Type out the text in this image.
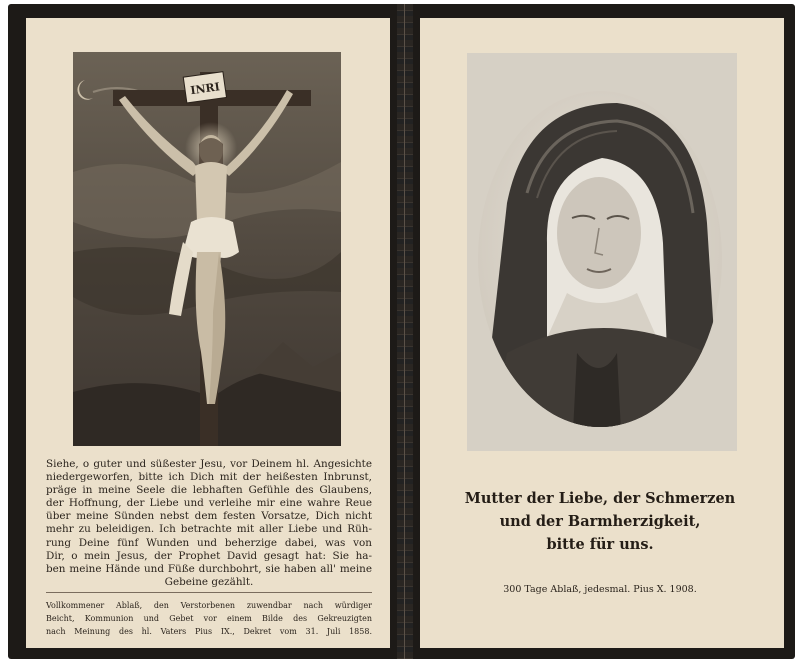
INRI
Siehe, o guter und süßester Jesu, vor Deinem hl. Angesichte
niedergeworfen, bitte ich Dich mit der heißesten Inbrunst,
präge in meine Seele die lebhaften Gefühle des Glaubens,
der Hoffnung, der Liebe und verleihe mir eine wahre Reue
über meine Sünden nebst dem festen Vorsatze, Dich nicht
mehr zu beleidigen. Ich betrachte mit aller Liebe und Rüh-
rung Deine fünf Wunden und beherzige dabei, was von
Dir, o mein Jesus, der Prophet David gesagt hat: Sie ha-
ben meine Hände und Füße durchbohrt, sie haben all' meine
Gebeine gezählt.
Vollkommener Ablaß, den Verstorbenen zuwendbar nach würdiger
Beicht, Kommunion und Gebet vor einem Bilde des Gekreuzigten
nach Meinung des hl. Vaters Pius IX., Dekret vom 31. Juli 1858.
Mutter der Liebe, der Schmerzen
und der Barmherzigkeit,
bitte für uns.
300 Tage Ablaß, jedesmal. Pius X. 1908.
